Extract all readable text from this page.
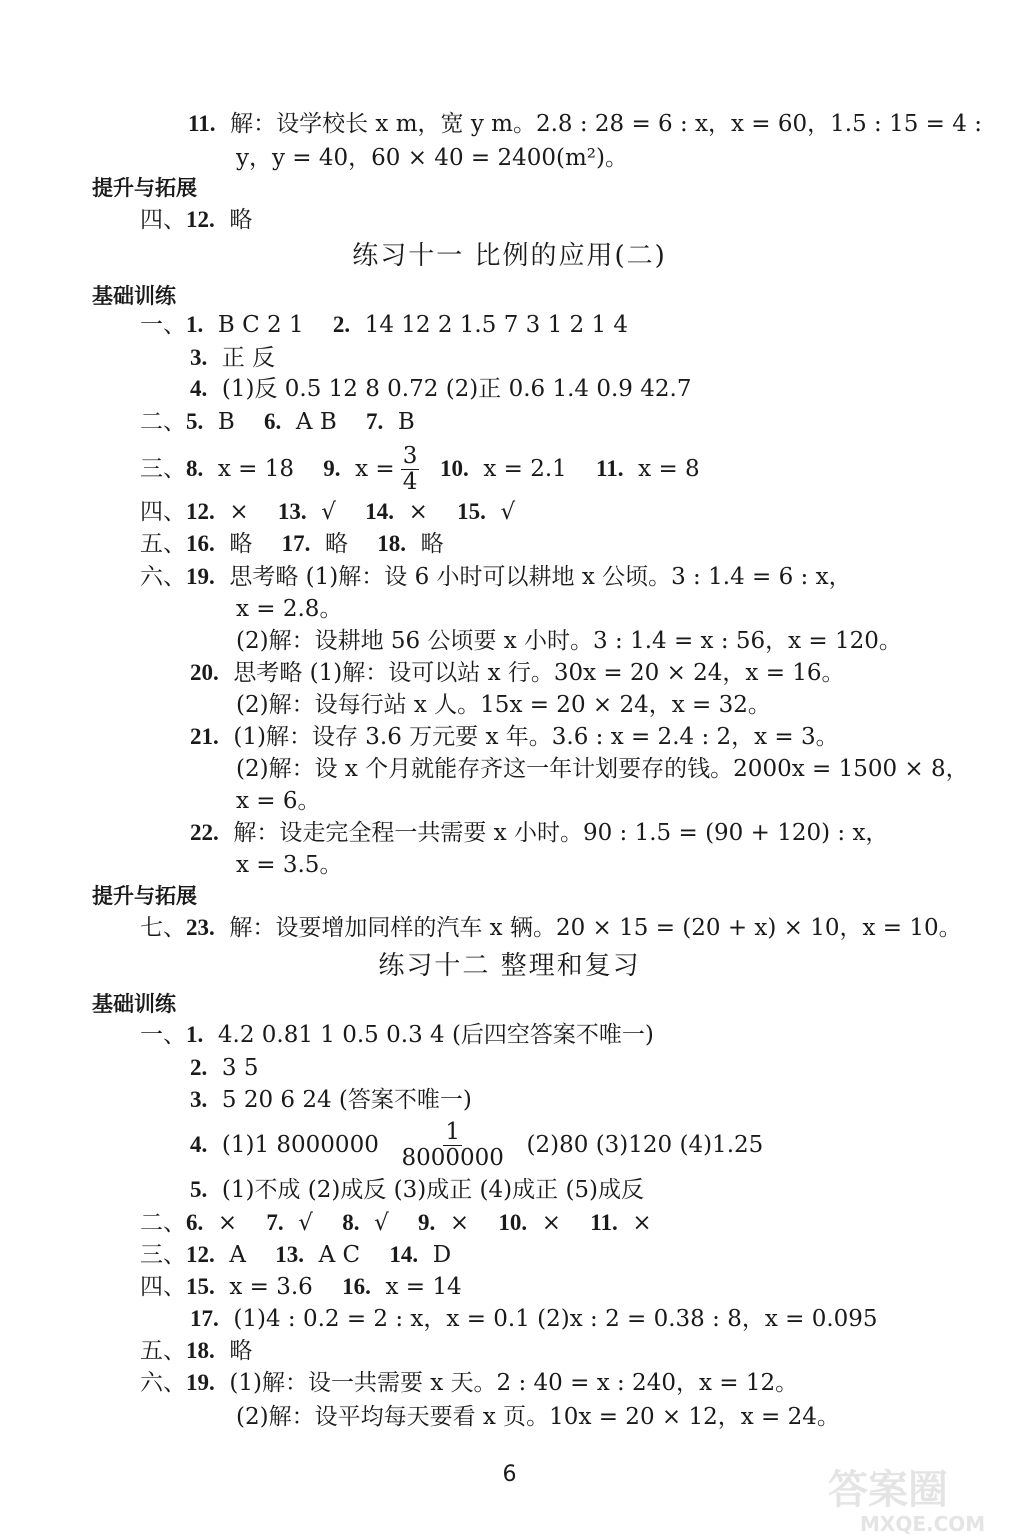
11. 解：设学校长 x m，宽 y m。2.8 : 28 = 6 : x，x = 60，1.5 : 15 = 4 :
y，y = 40，60 × 40 = 2400(m²)。
提升与拓展
四、12. 略
练习十一 比例的应用(二)
基础训练
一、1. B C 2 1 2. 14 12 2 1.5 7 3 1 2 1 4
3. 正 反
4. (1)反 0.5 12 8 0.72 (2)正 0.6 1.4 0.9 42.7
二、5. B 6. A B 7. B
三、 8.
x = 18
9.
$x = \frac{3}{4}$
10.
x = 2.1
11.
x = 8
四、12. × 13. √ 14. × 15. √
五、16. 略 17. 略 18. 略
六、19. 思考略 (1)解：设 6 小时可以耕地 x 公顷。3 : 1.4 = 6 : x，
x = 2.8。
(2)解：设耕地 56 公顷要 x 小时。3 : 1.4 = x : 56，x = 120。
20. 思考略 (1)解：设可以站 x 行。30x = 20 × 24，x = 16。
(2)解：设每行站 x 人。15x = 20 × 24，x = 32。
21. (1)解：设存 3.6 万元要 x 年。3.6 : x = 2.4 : 2，x = 3。
(2)解：设 x 个月就能存齐这一年计划要存的钱。2000x = 1500 × 8，
x = 6。
22. 解：设走完全程一共需要 x 小时。90 : 1.5 = (90 + 120) : x，
x = 3.5。
提升与拓展
七、23. 解：设要增加同样的汽车 x 辆。20 × 15 = (20 + x) × 10，x = 10。
练习十二 整理和复习
基础训练
一、1. 4.2 0.81 1 0.5 0.3 4 (后四空答案不唯一)
2. 3 5
3. 5 20 6 24 (答案不唯一)
4.
(1)1 8000000
$\frac{1}{8000000}$
(2)80 (3)120 (4)1.25
5. (1)不成 (2)成反 (3)成正 (4)成正 (5)成反
二、6. × 7. √ 8. √ 9. × 10. × 11. ×
三、12. A 13. A C 14. D
四、15. x = 3.6 16. x = 14
17. (1)4 : 0.2 = 2 : x，x = 0.1 (2)x : 2 = 0.38 : 8，x = 0.095
五、18. 略
六、19. (1)解：设一共需要 x 天。2 : 40 = x : 240，x = 12。
(2)解：设平均每天要看 x 页。10x = 20 × 12，x = 24。
6	答案圈
MXQE.COM
